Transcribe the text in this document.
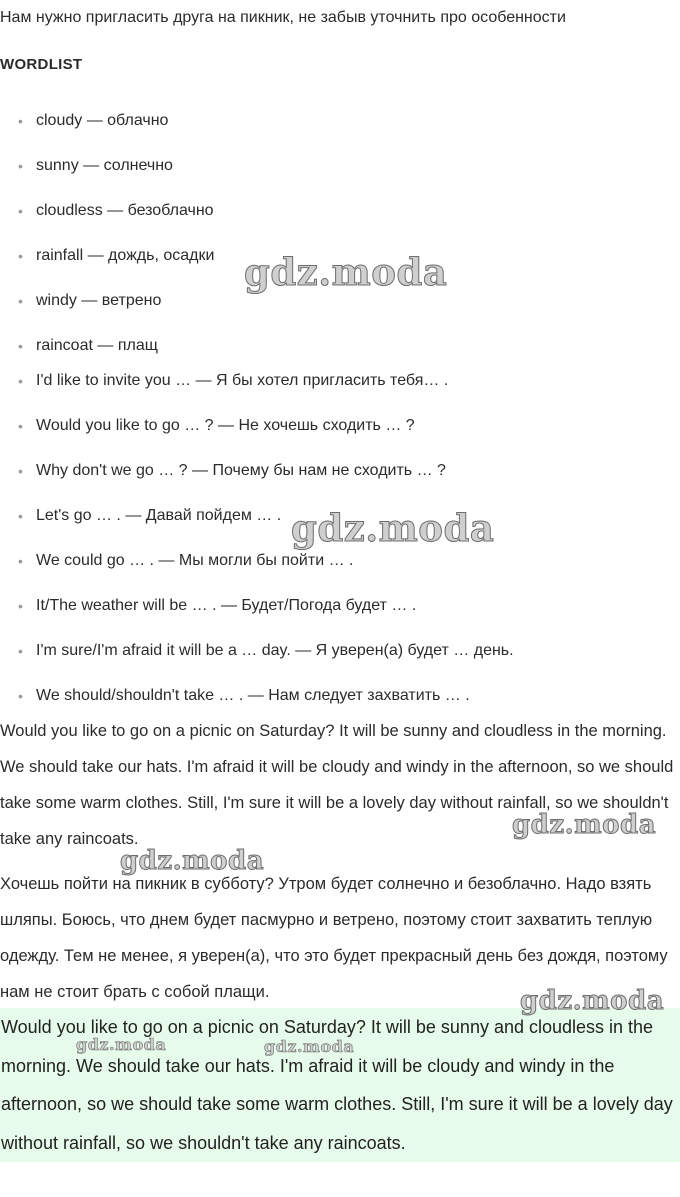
Нам нужно пригласить друга на пикник, не забыв уточнить про особенности
WORDLIST
• cloudy — облачно
• sunny — солнечно
• cloudless — безоблачно
• rainfall — дождь, осадки
• windy — ветрено
• raincoat — плащ
• I'd like to invite you … — Я бы хотел пригласить тебя… .
• Would you like to go … ? — Не хочешь сходить … ?
• Why don't we go … ? — Почему бы нам не сходить … ?
• Let's go … . — Давай пойдем … .
• We could go … . — Мы могли бы пойти … .
• It/The weather will be … . — Будет/Погода будет … .
• I'm sure/I'm afraid it will be a … day. — Я уверен(а) будет … день.
• We should/shouldn't take … . — Нам следует захватить … .
Would you like to go on a picnic on Saturday? It will be sunny and cloudless in the morning. We should take our hats. I'm afraid it will be cloudy and windy in the afternoon, so we should take some warm clothes. Still, I'm sure it will be a lovely day without rainfall, so we shouldn't take any raincoats.
Хочешь пойти на пикник в субботу? Утром будет солнечно и безоблачно. Надо взять шляпы. Боюсь, что днем будет пасмурно и ветрено, поэтому стоит захватить теплую одежду. Тем не менее, я уверен(а), что это будет прекрасный день без дождя, поэтому нам не стоит брать с собой плащи.
Would you like to go on a picnic on Saturday? It will be sunny and cloudless in the morning. We should take our hats. I'm afraid it will be cloudy and windy in the afternoon, so we should take some warm clothes. Still, I'm sure it will be a lovely day without rainfall, so we shouldn't take any raincoats.
gdz.moda
gdz.moda
gdz.moda
gdz.moda
gdz.moda
gdz.moda	gdz.moda
